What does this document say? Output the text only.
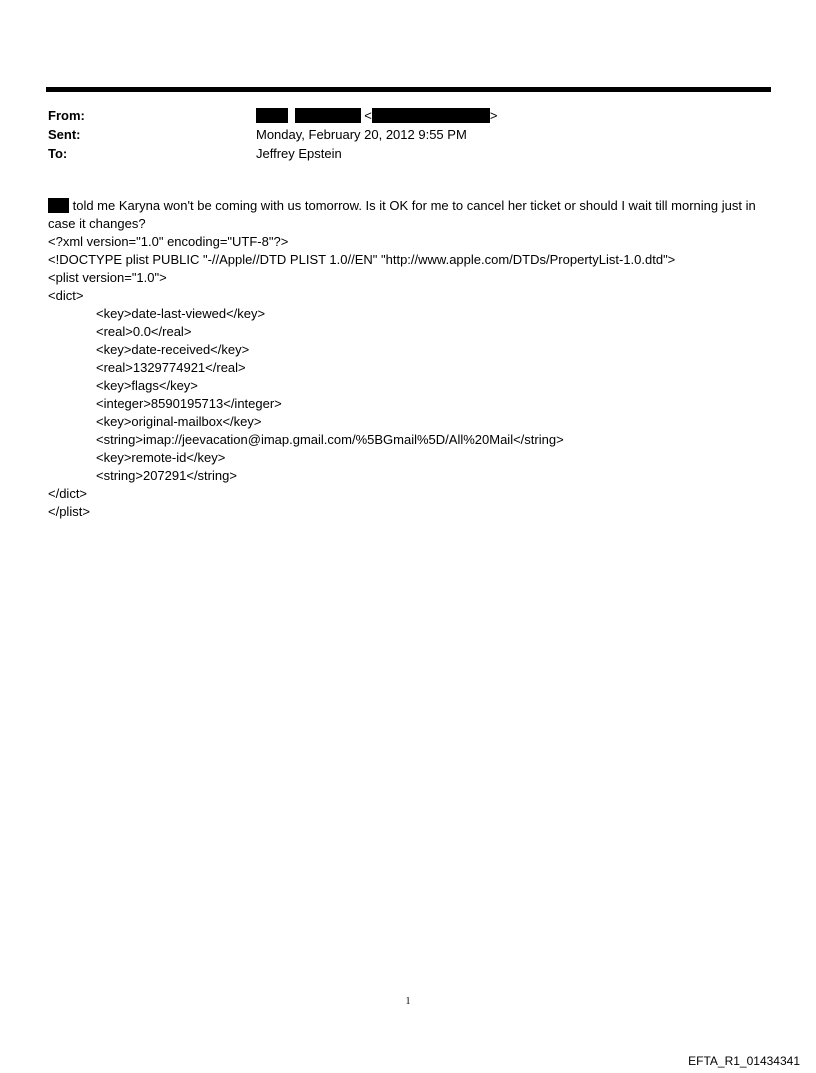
From:	<	>
Sent:	Monday, February 20, 2012 9:55 PM
To:	Jeffrey Epstein

told me Karyna won't be coming with us tomorrow. Is it OK for me to cancel her ticket or should I wait till morning just in case it changes?

<?xml version="1.0" encoding="UTF-8"?>
<!DOCTYPE plist PUBLIC "-//Apple//DTD PLIST 1.0//EN" "http://www.apple.com/DTDs/PropertyList-1.0.dtd">
<plist version="1.0">
<dict>
<key>date-last-viewed</key>
<real>0.0</real>
<key>date-received</key>
<real>1329774921</real>
<key>flags</key>
<integer>8590195713</integer>
<key>original-mailbox</key>
<string>imap://jeevacation@imap.gmail.com/%5BGmail%5D/All%20Mail</string>
<key>remote-id</key>
<string>207291</string>
</dict>
</plist>
1
EFTA_R1_01434341
